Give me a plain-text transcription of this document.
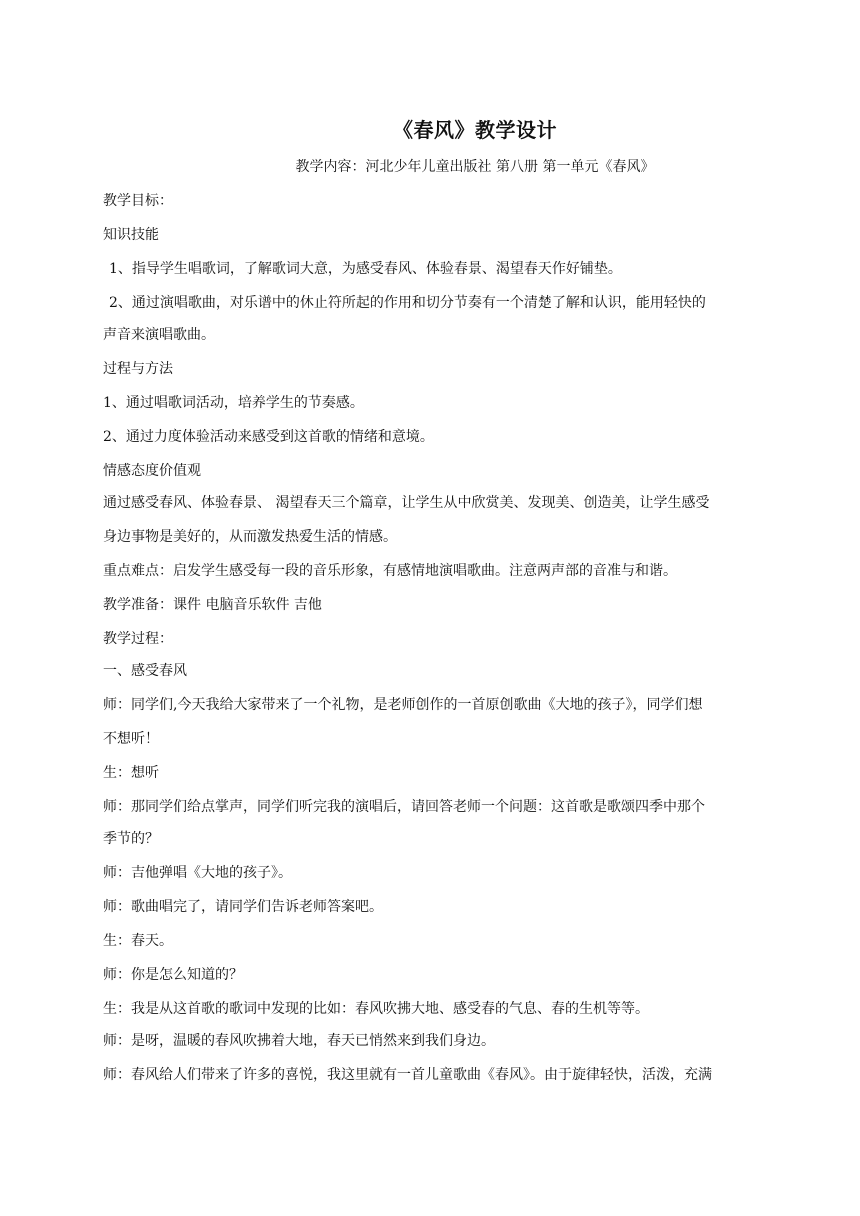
《春风》教学设计
教学内容：河北少年儿童出版社 第八册 第一单元《春风》
教学目标：
知识技能
1、指导学生唱歌词，了解歌词大意，为感受春风、体验春景、渴望春天作好铺垫。
2、通过演唱歌曲，对乐谱中的休止符所起的作用和切分节奏有一个清楚了解和认识，能用轻快的
声音来演唱歌曲。
过程与方法
1、通过唱歌词活动，培养学生的节奏感。
2、通过力度体验活动来感受到这首歌的情绪和意境。
情感态度价值观
通过感受春风、体验春景、 渴望春天三个篇章，让学生从中欣赏美、发现美、创造美，让学生感受
身边事物是美好的，从而激发热爱生活的情感。
重点难点：启发学生感受每一段的音乐形象，有感情地演唱歌曲。注意两声部的音准与和谐。
教学准备：课件 电脑音乐软件 吉他
教学过程：
一、感受春风
师：同学们,今天我给大家带来了一个礼物，是老师创作的一首原创歌曲《大地的孩子》，同学们想
不想听！
生：想听
师：那同学们给点掌声，同学们听完我的演唱后，请回答老师一个问题：这首歌是歌颂四季中那个
季节的？
师：吉他弹唱《大地的孩子》。
师：歌曲唱完了，请同学们告诉老师答案吧。
生：春天。
师：你是怎么知道的？
生：我是从这首歌的歌词中发现的比如：春风吹拂大地、感受春的气息、春的生机等等。
师：是呀，温暖的春风吹拂着大地，春天已悄然来到我们身边。
师：春风给人们带来了许多的喜悦，我这里就有一首儿童歌曲《春风》。由于旋律轻快，活泼，充满
